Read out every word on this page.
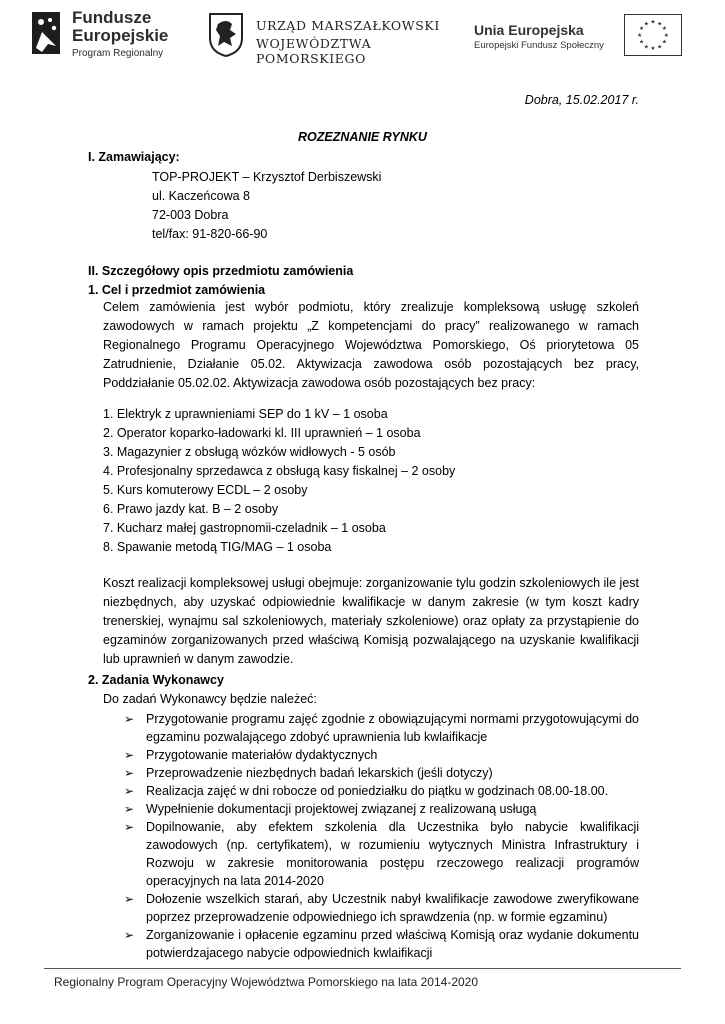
Fundusze
Europejskie
Program Regionalny
URZĄD MARSZAŁKOWSKI
WOJEWÓDZTWA POMORSKIEGO
Unia Europejska
Europejski Fundusz Społeczny
★ ★
★
★
★
★
★
★
★
★
★
★
Dobra, 15.02.2017 r.
ROZEZNANIE RYNKU
I. Zamawiający:
TOP-PROJEKT – Krzysztof Derbiszewski
ul. Kaczeńcowa 8
72-003 Dobra
tel/fax: 91-820-66-90
II. Szczegółowy opis przedmiotu zamówienia
1. Cel i przedmiot zamówienia
Celem zamówienia jest wybór podmiotu, który zrealizuje kompleksową usługę szkoleń zawodowych w ramach projektu „Z kompetencjami do pracy” realizowanego w ramach Regionalnego Programu Operacyjnego Województwa Pomorskiego, Oś priorytetowa 05 Zatrudnienie, Działanie 05.02. Aktywizacja zawodowa osób pozostających bez pracy, Poddziałanie 05.02.02. Aktywizacja zawodowa osób pozostających bez pracy:
1. Elektryk z uprawnieniami SEP do 1 kV – 1 osoba
2. Operator koparko-ładowarki kl. III uprawnień – 1 osoba
3. Magazynier z obsługą wózków widłowych - 5 osób
4. Profesjonalny sprzedawca z obsługą kasy fiskalnej – 2 osoby
5. Kurs komuterowy ECDL – 2 osoby
6. Prawo jazdy kat. B – 2 osoby
7. Kucharz małej gastropnomii-czeladnik – 1 osoba
8. Spawanie metodą TIG/MAG – 1 osoba
Koszt realizacji kompleksowej usługi obejmuje: zorganizowanie tylu godzin szkoleniowych ile jest niezbędnych, aby uzyskać odpiowiednie kwalifikacje w danym zakresie (w tym koszt kadry trenerskiej, wynajmu sal szkoleniowych, materiały szkoleniowe) oraz opłaty za przystąpienie do egzaminów zorganizowanych przed właściwą Komisją pozwalającego na uzyskanie kwalifikacji lub uprawnień w danym zawodzie.
2. Zadania Wykonawcy
Do zadań Wykonawcy będzie należeć:
➢ Przygotowanie programu zajęć zgodnie z obowiązującymi normami przygotowującymi do egzaminu pozwalającego zdobyć uprawnienia lub kwlaifikacje
➢ Przygotowanie materiałów dydaktycznych
➢ Przeprowadzenie niezbędnych badań lekarskich (jeśli dotyczy)
➢ Realizacja zajęć w dni robocze od poniedziałku do piątku w godzinach 08.00-18.00.
➢ Wypełnienie dokumentacji projektowej związanej z realizowaną usługą
➢ Dopilnowanie, aby efektem szkolenia dla Uczestnika było nabycie kwalifikacji zawodowych (np. certyfikatem), w rozumieniu wytycznych Ministra Infrastruktury i Rozwoju w zakresie monitorowania postępu rzeczowego realizacji programów operacyjnych na lata 2014-2020
➢ Dołozenie wszelkich starań, aby Uczestnik nabył kwalifikacje zawodowe zweryfikowane poprzez przeprowadzenie odpowiedniego ich sprawdzenia (np. w formie egzaminu)
➢ Zorganizowanie i opłacenie egzaminu przed właściwą Komisją oraz wydanie dokumentu potwierdzajacego nabycie odpowiednich kwlaifikacji
Regionalny Program Operacyjny Województwa Pomorskiego na lata 2014-2020
